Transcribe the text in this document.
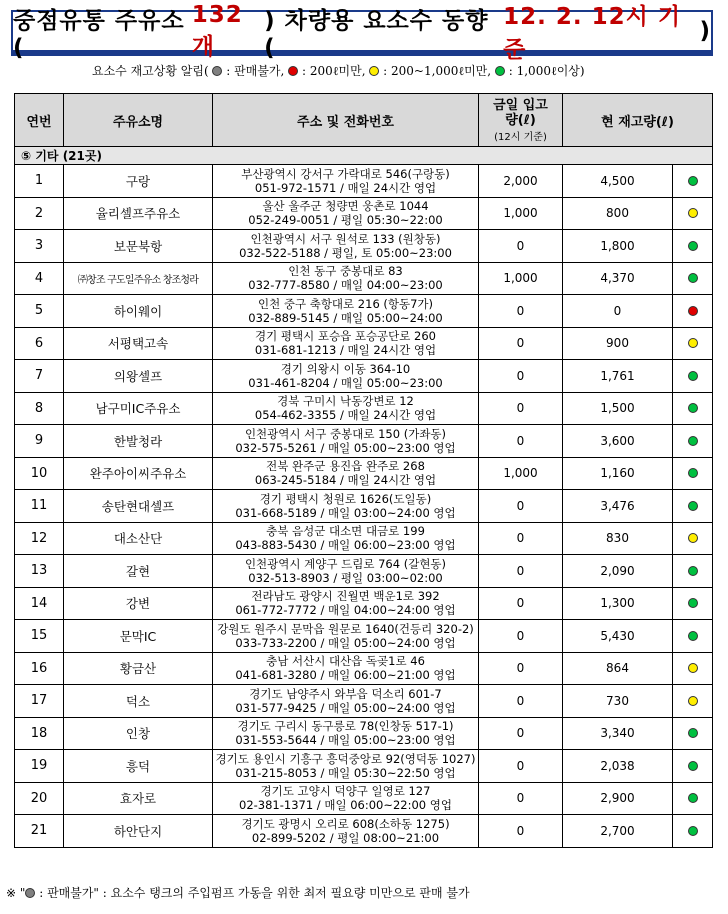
중점유통 주유소(
132개
) 차량용 요소수 동향 (
12. 2. 12시 기준
)
요소수 재고상황 알림( : 판매불가, : 200ℓ미만, : 200~1,000ℓ미만, : 1,000ℓ이상)
연번	주유소명	주소 및 전화번호	금일 입고량(ℓ)
(12시 기준)	현 재고량(ℓ)	
⑤ 기타 (21곳)					
1	구랑	부산광역시 강서구 가락대로 546(구랑동)
051-972-1571 / 매일 24시간 영업	2,000	4,500	
2	율리셀프주유소	울산 울주군 청량면 웅촌로 1044
052-249-0051 / 평일 05:30~22:00	1,000	800	
3	보문북항	인천광역시 서구 원석로 133 (원창동)
032-522-5188 / 평일, 토 05:00~23:00	0	1,800	
4	㈜창조 구도일주유소 창조청라	인천 동구 중봉대로 83
032-777-8580 / 매일 04:00~23:00	1,000	4,370	
5	하이웨이	인천 중구 축항대로 216 (항동7가)
032-889-5145 / 매일 05:00~24:00	0	0	
6	서평택고속	경기 평택시 포승읍 포승공단로 260
031-681-1213 / 매일 24시간 영업	0	900	
7	의왕셀프	경기 의왕시 이동 364-10
031-461-8204 / 매일 05:00~23:00	0	1,761	
8	남구미IC주유소	경북 구미시 낙동강변로 12
054-462-3355 / 매일 24시간 영업	0	1,500	
9	한발청라	인천광역시 서구 중봉대로 150 (가좌동)
032-575-5261 / 매일 05:00~23:00 영업	0	3,600	
10	완주아이씨주유소	전북 완주군 용진읍 완주로 268
063-245-5184 / 매일 24시간 영업	1,000	1,160	
11	송탄현대셀프	경기 평택시 청원로 1626(도일동)
031-668-5189 / 매일 03:00~24:00 영업	0	3,476	
12	대소산단	충북 음성군 대소면 대금로 199
043-883-5430 / 매일 06:00~23:00 영업	0	830	
13	갈현	인천광역시 계양구 드림로 764 (갈현동)
032-513-8903 / 평일 03:00~02:00	0	2,090	
14	강변	전라남도 광양시 진월면 백운1로 392
061-772-7772 / 매일 04:00~24:00 영업	0	1,300	
15	문막IC	강원도 원주시 문막읍 원문로 1640(건등리 320-2)
033-733-2200 / 매일 05:00~24:00 영업	0	5,430	
16	황금산	충남 서산시 대산읍 독곶1로 46
041-681-3280 / 매일 06:00~21:00 영업	0	864	
17	덕소	경기도 남양주시 와부읍 덕소리 601-7
031-577-9425 / 매일 05:00~24:00 영업	0	730	
18	인창	경기도 구리시 동구릉로 78(인창동 517-1)
031-553-5644 / 매일 05:00~23:00 영업	0	3,340	
19	흥덕	경기도 용인시 기흥구 흥덕중앙로 92(영덕동 1027)
031-215-8053 / 매일 05:30~22:50 영업	0	2,038	
20	효자로	경기도 고양시 덕양구 일영로 127
02-381-1371 / 매일 06:00~22:00 영업	0	2,900	
21	하안단지	경기도 광명시 오리로 608(소하동 1275)
02-899-5202 / 평일 08:00~21:00	0	2,700	
※ " : 판매불가" : 요소수 탱크의 주입펌프 가동을 위한 최저 필요량 미만으로 판매 불가
